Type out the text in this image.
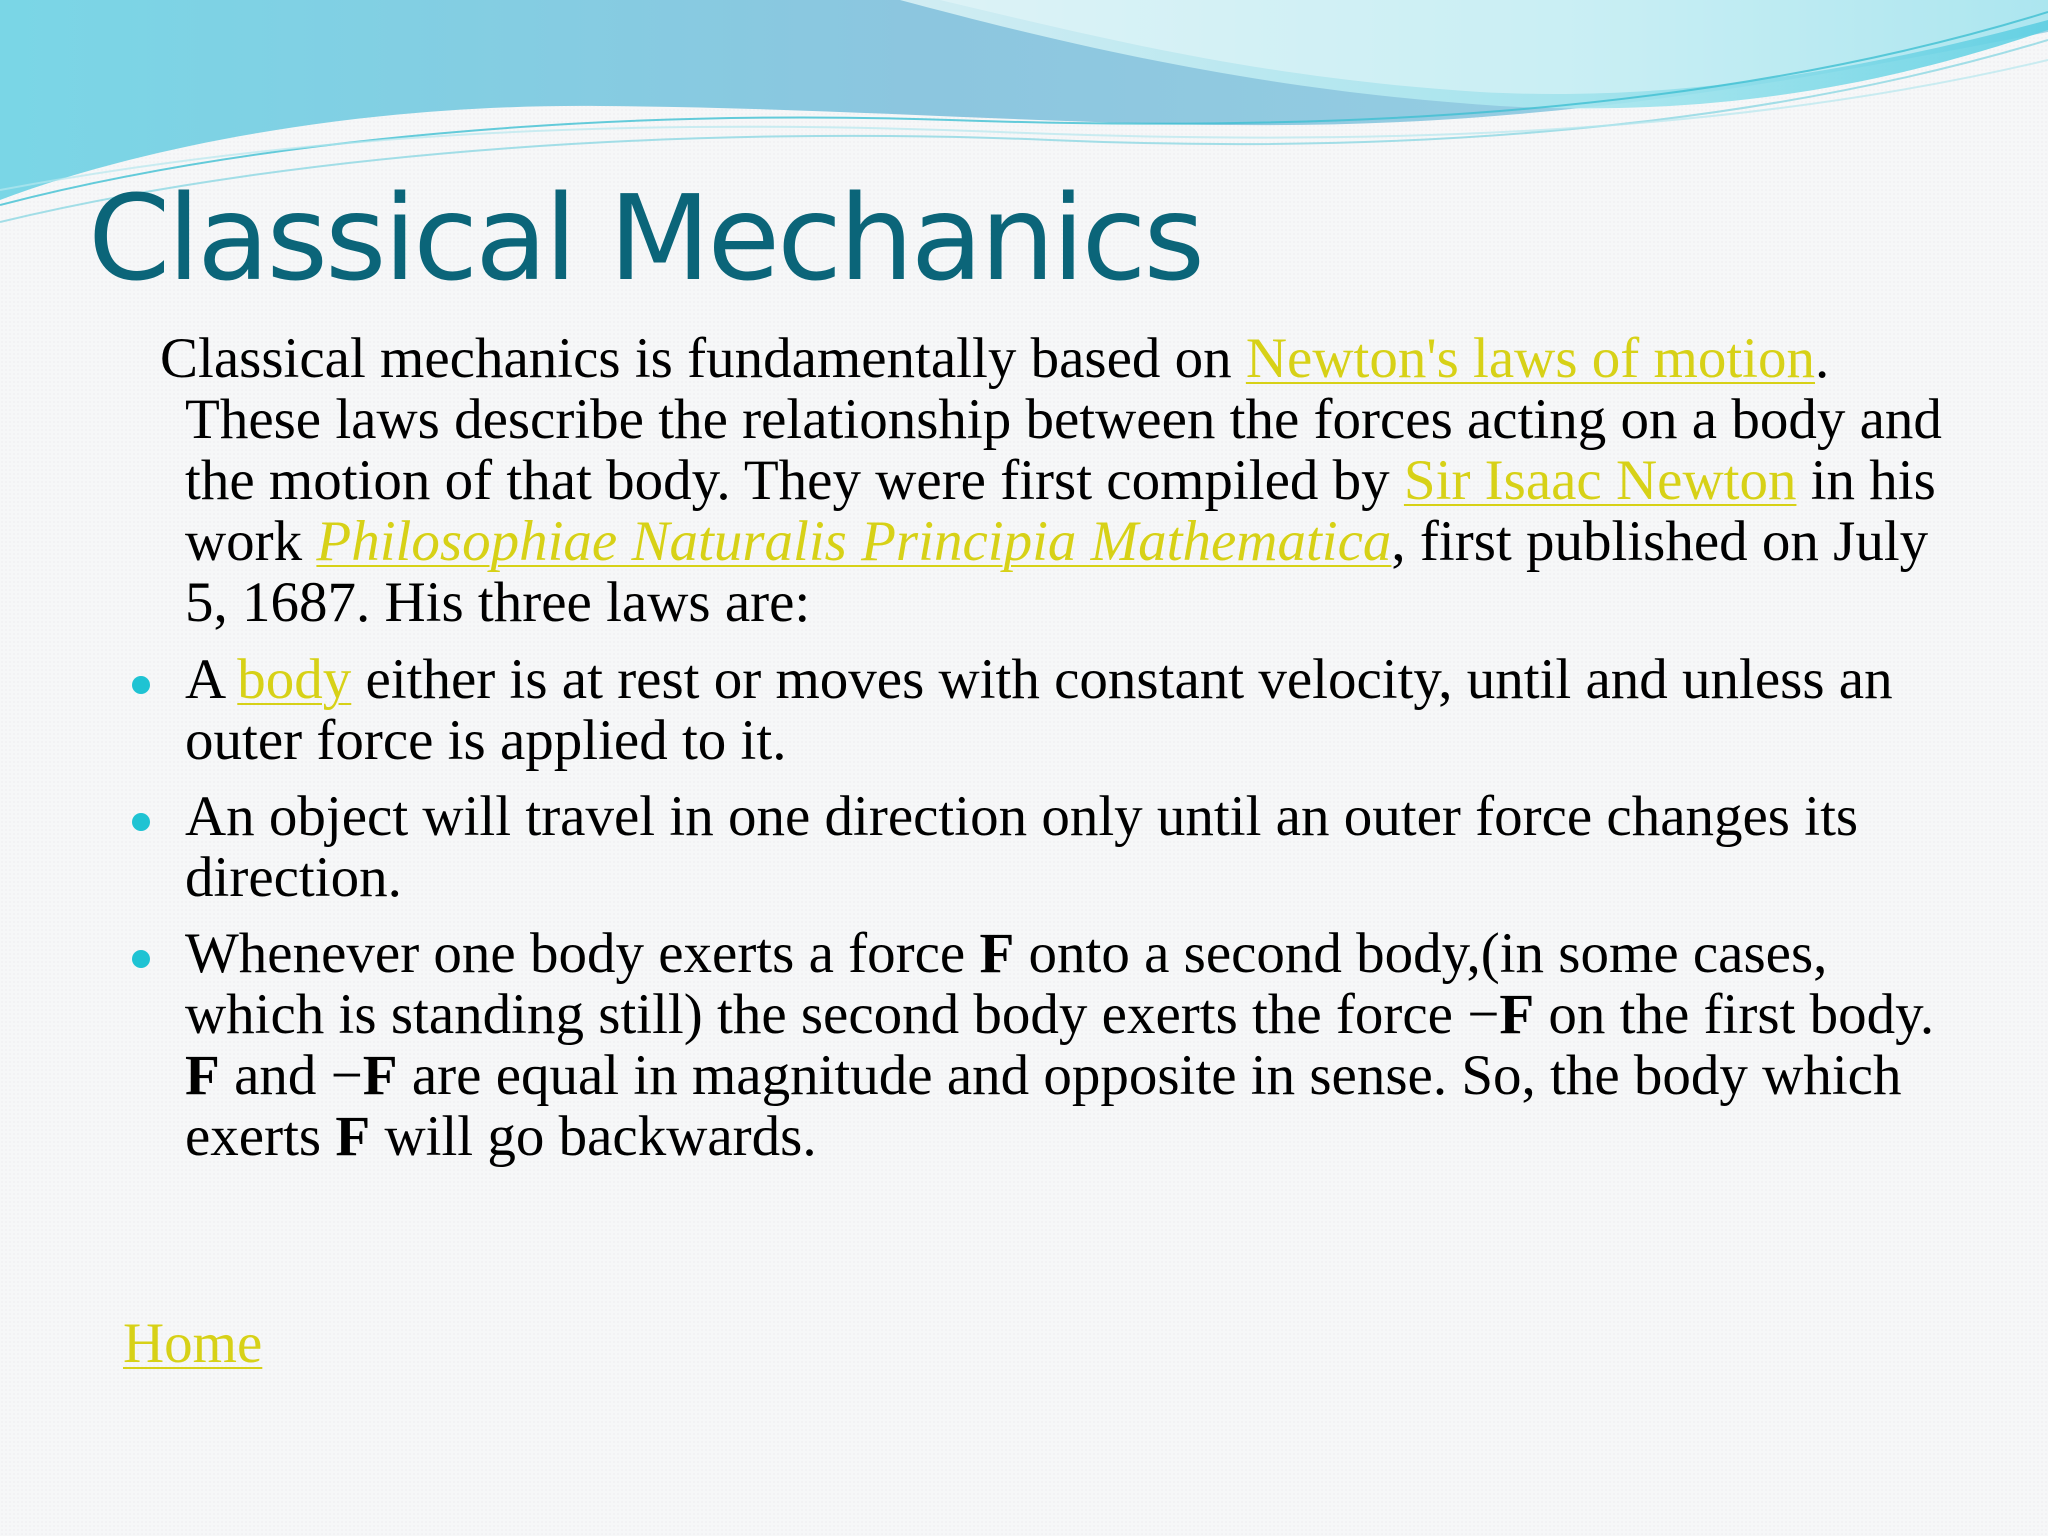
Classical Mechanics

Classical mechanics is fundamentally based on Newton's laws of motion. These laws describe the relationship between the forces acting on a body and the motion of that body. They were first compiled by Sir Isaac Newton in his work Philosophiae Naturalis Principia Mathematica, first published on July 5, 1687. His three laws are:

A body either is at rest or moves with constant velocity, until and unless an outer force is applied to it.
An object will travel in one direction only until an outer force changes its direction.
Whenever one body exerts a force F onto a second body,(in some cases, which is standing still) the second body exerts the force −F on the first body. F and −F are equal in magnitude and opposite in sense. So, the body which exerts F will go backwards.
Home
